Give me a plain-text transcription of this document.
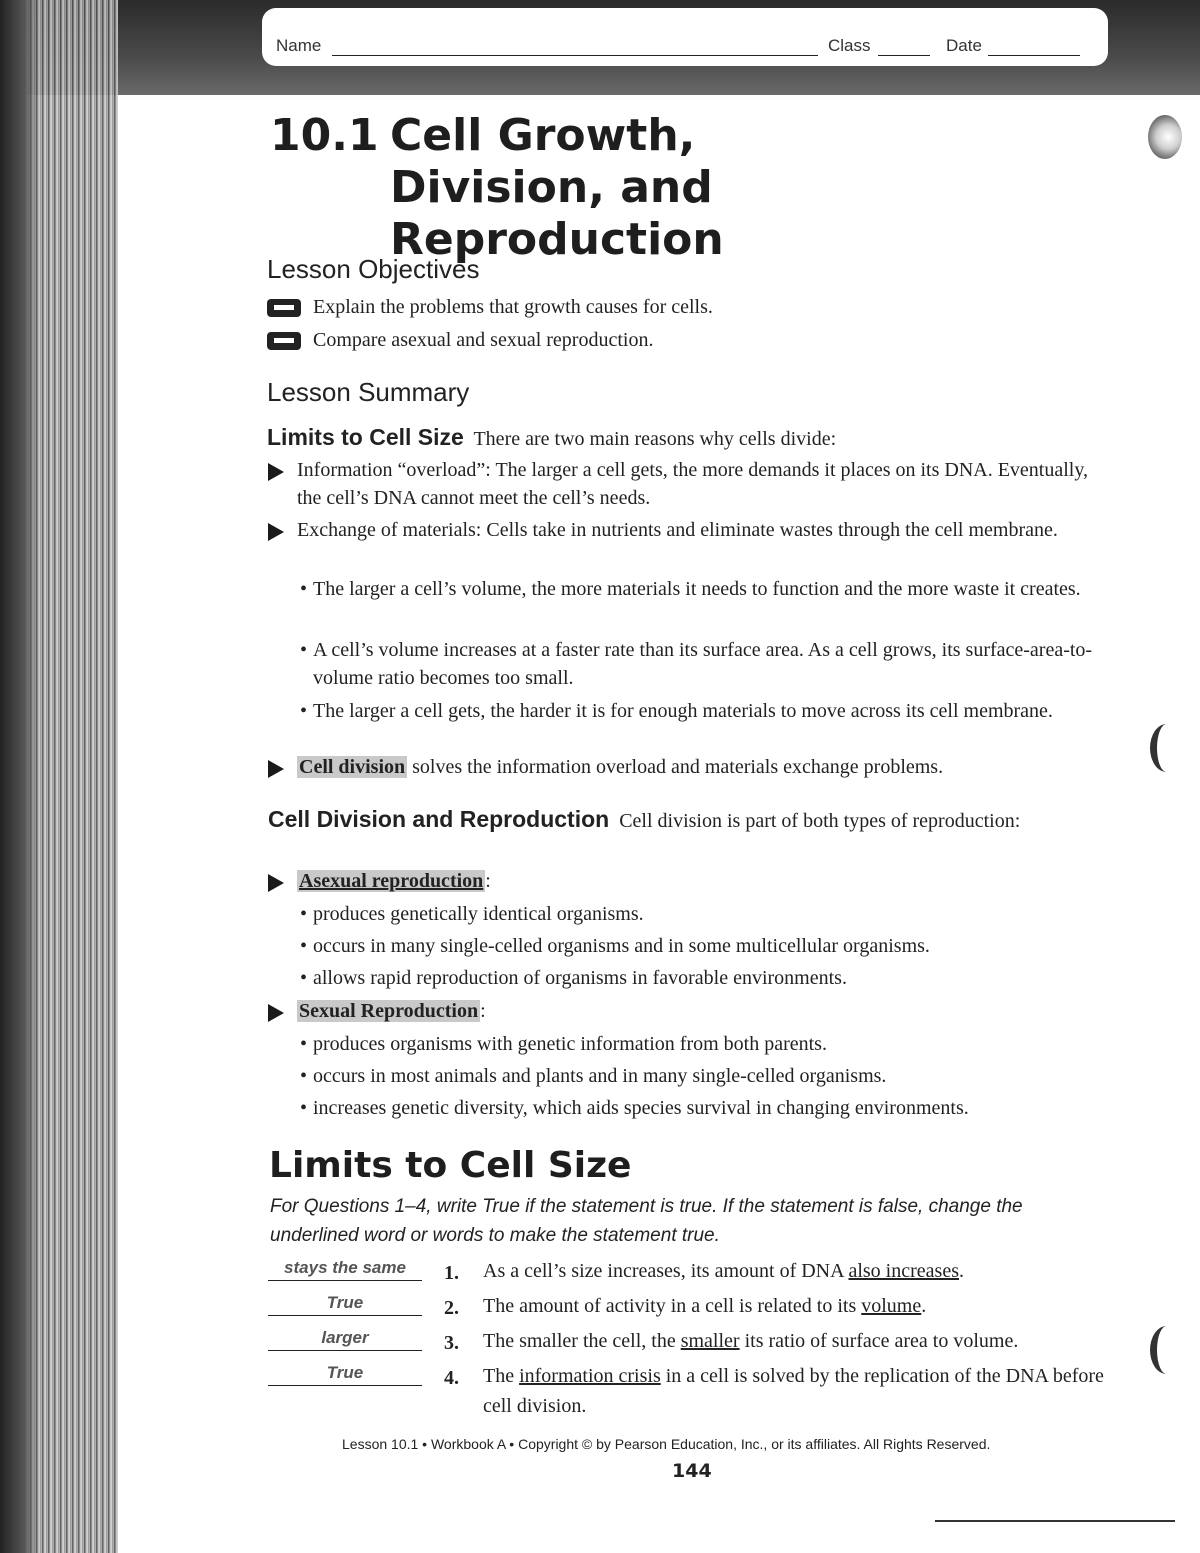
Name	Class	Date
10.1 Cell Growth, Division, and Reproduction
Lesson Objectives
Explain the problems that growth causes for cells.
Compare asexual and sexual reproduction.
Lesson Summary
Limits to Cell Size There are two main reasons why cells divide:
Information “overload”: The larger a cell gets, the more demands it places on its DNA. Eventually, the cell’s DNA cannot meet the cell’s needs.
Exchange of materials: Cells take in nutrients and eliminate wastes through the cell membrane.
• The larger a cell’s volume, the more materials it needs to function and the more waste it creates.
• A cell’s volume increases at a faster rate than its surface area. As a cell grows, its surface-area-to-volume ratio becomes too small.
• The larger a cell gets, the harder it is for enough materials to move across its cell membrane.
Cell division solves the information overload and materials exchange problems.
Cell Division and Reproduction Cell division is part of both types of reproduction:
Asexual reproduction :
• produces genetically identical organisms.
• occurs in many single-celled organisms and in some multicellular organisms.
• allows rapid reproduction of organisms in favorable environments.
Sexual Reproduction :
• produces organisms with genetic information from both parents.
• occurs in most animals and plants and in many single-celled organisms.
• increases genetic diversity, which aids species survival in changing environments.
Limits to Cell Size
For Questions 1–4, write True if the statement is true. If the statement is false, change the underlined word or words to make the statement true.
stays the same	1. As a cell’s size increases, its amount of DNA also increases.
True	2. The amount of activity in a cell is related to its volume.
larger	3. The smaller the cell, the smaller its ratio of surface area to volume.
True	4. The information crisis in a cell is solved by the replication of the DNA before cell division.
Lesson 10.1 • Workbook A • Copyright © by Pearson Education, Inc., or its affiliates. All Rights Reserved.
144
